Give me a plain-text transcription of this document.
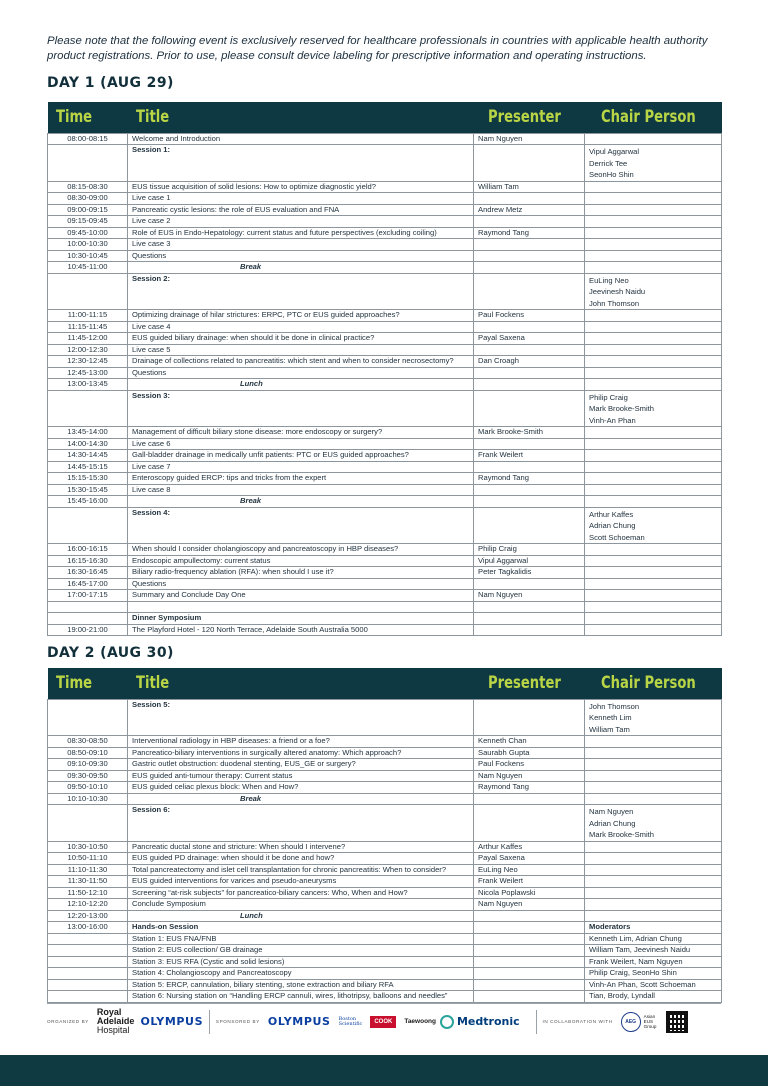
Please note that the following event is exclusively reserved for healthcare professionals in countries with applicable health authority product registrations. Prior to use, please consult device labeling for prescriptive information and operating instructions.
DAY 1 (AUG 29)
Time	Title	Presenter	Chair Person
08:00-08:15	Welcome and Introduction	Nam Nguyen	
	Session 1:		Vipul Aggarwal
Derrick Tee
SeonHo Shin

08:15-08:30	EUS tissue acquisition of solid lesions: How to optimize diagnostic yield?	William Tam	
08:30-09:00	Live case 1		
09:00-09:15	Pancreatic cystic lesions: the role of EUS evaluation and FNA	Andrew Metz	
09:15-09:45	Live case 2		
09:45-10:00	Role of EUS in Endo-Hepatology: current status and future perspectives (excluding coiling)	Raymond Tang	
10:00-10:30	Live case 3		
10:30-10:45	Questions		
10:45-11:00	Break		
	Session 2:		EuLing Neo
Jeevinesh Naidu
John Thomson

11:00-11:15	Optimizing drainage of hilar strictures: ERPC, PTC or EUS guided approaches?	Paul Fockens	
11:15-11:45	Live case 4		
11:45-12:00	EUS guided biliary drainage: when should it be done in clinical practice?	Payal Saxena	
12:00-12:30	Live case 5		
12:30-12:45	Drainage of collections related to pancreatitis: which stent and when to consider necrosectomy?	Dan Croagh	
12:45-13:00	Questions		
13:00-13:45	Lunch		
	Session 3:		Philip Craig
Mark Brooke-Smith
Vinh-An Phan

13:45-14:00	Management of difficult biliary stone disease: more endoscopy or surgery?	Mark Brooke-Smith	
14:00-14:30	Live case 6		
14:30-14:45	Gall-bladder drainage in medically unfit patients: PTC or EUS guided approaches?	Frank Weilert	
14:45-15:15	Live case 7		
15:15-15:30	Enteroscopy guided ERCP: tips and tricks from the expert	Raymond Tang	
15:30-15:45	Live case 8		
15:45-16:00	Break		
	Session 4:		Arthur Kaffes
Adrian Chung
Scott Schoeman

16:00-16:15	When should I consider cholangioscopy and pancreatoscopy in HBP diseases?	Philip Craig	
16:15-16:30	Endoscopic ampullectomy: current status	Vipul Aggarwal	
16:30-16:45	Biliary radio-frequency ablation (RFA): when should I use it?	Peter Tagkalidis	
16:45-17:00	Questions		
17:00-17:15	Summary and Conclude Day One	Nam Nguyen	

	Dinner Symposium		
19:00-21:00	The Playford Hotel - 120 North Terrace, Adelaide South Australia 5000		
DAY 2 (AUG 30)
Time	Title	Presenter	Chair Person
	Session 5:		John Thomson
Kenneth Lim
William Tam

08:30-08:50	Interventional radiology in HBP diseases: a friend or a foe?	Kenneth Chan	
08:50-09:10	Pancreatico-biliary interventions in surgically altered anatomy: Which approach?	Saurabh Gupta	
09:10-09:30	Gastric outlet obstruction: duodenal stenting, EUS_GE or surgery?	Paul Fockens	
09:30-09:50	EUS guided anti-tumour therapy: Current status	Nam Nguyen	
09:50-10:10	EUS guided celiac plexus block: When and How?	Raymond Tang	
10:10-10:30	Break		
	Session 6:		Nam Nguyen
Adrian Chung
Mark Brooke-Smith

10:30-10:50	Pancreatic ductal stone and stricture: When should I intervene?	Arthur Kaffes	
10:50-11:10	EUS guided PD drainage: when should it be done and how?	Payal Saxena	
11:10-11:30	Total pancreatectomy and islet cell transplantation for chronic pancreatitis: When to consider?	EuLing Neo	
11:30-11:50	EUS guided interventions for varices and pseudo-aneurysms	Frank Weilert	
11:50-12:10	Screening “at-risk subjects” for pancreatico-biliary cancers: Who, When and How?	Nicola Poplawski	
12:10-12:20	Conclude Symposium	Nam Nguyen	
12:20-13:00	Lunch		
13:00-16:00	Hands-on Session		Moderators
	Station 1: EUS FNA/FNB		Kenneth Lim, Adrian Chung
	Station 2: EUS collection/ GB drainage		William Tam, Jeevinesh Naidu
	Station 3: EUS RFA (Cystic and solid lesions)		Frank Weilert, Nam Nguyen
	Station 4: Cholangioscopy and Pancreatoscopy		Philip Craig, SeonHo Shin
	Station 5: ERCP, cannulation, biliary stenting, stone extraction and biliary RFA		Vinh-An Phan, Scott Schoeman
	Station 6: Nursing station on “Handling ERCP cannuli, wires, lithotripsy, balloons and needles”		Tian, Brody, Lyndall
ORGANIZED BY
Royal
Adelaide
Hospital
OLYMPUS	SPONSORED BY OLYMPUS Boston
Scientific	COOK	Taewoong Medtronic	IN COLLABORATION WITH	AEG
Asian
EUS
Group
